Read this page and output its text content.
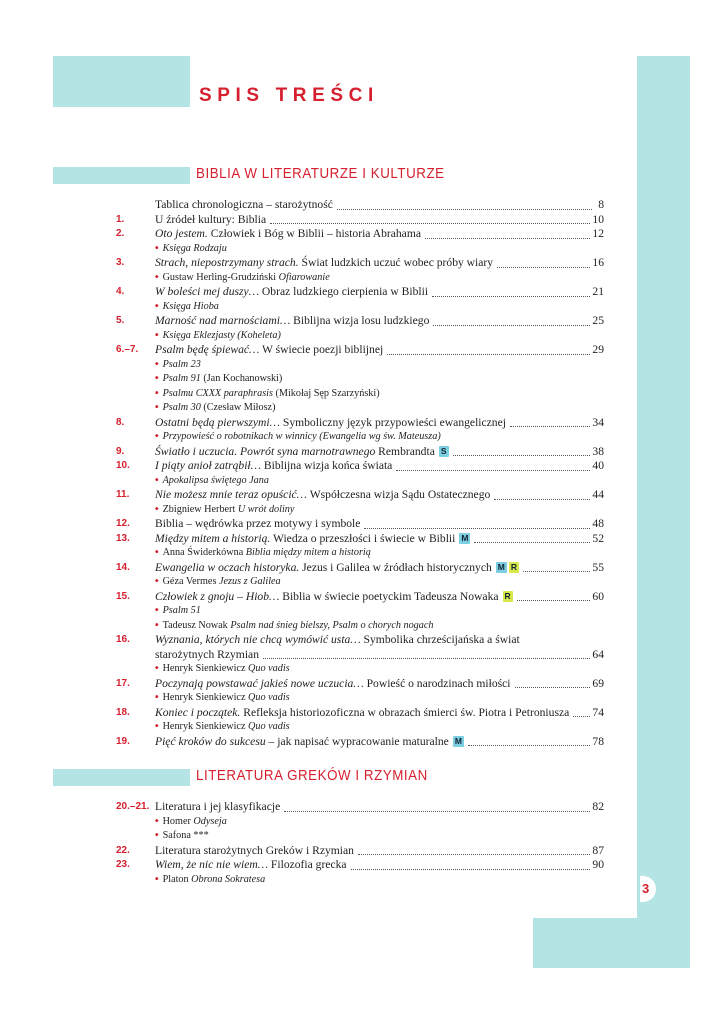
3
SPIS TREŚCI
BIBLIA W LITERATURZE I KULTURZE
Tablica chronologiczna – starożytność	8
1.	U źródeł kultury: Biblia	10
2.	Oto jestem. Człowiek i Bóg w Biblii – historia Abrahama	12
• Księga Rodzaju
3.	Strach, niepostrzymany strach. Świat ludzkich uczuć wobec próby wiary	16
• Gustaw Herling-Grudziński Ofiarowanie
4.	W boleści mej duszy… Obraz ludzkiego cierpienia w Biblii	21
• Księga Hioba
5.	Marność nad marnościami… Biblijna wizja losu ludzkiego	25
• Księga Eklezjasty (Koheleta)
6.–7.	Psalm będę śpiewać… W świecie poezji biblijnej	29
• Psalm 23
• Psalm 91 (Jan Kochanowski)
• Psalmu CXXX paraphrasis (Mikołaj Sęp Szarzyński)
• Psalm 30 (Czesław Miłosz)
8.	Ostatni będą pierwszymi… Symboliczny język przypowieści ewangelicznej	34
• Przypowieść o robotnikach w winnicy (Ewangelia wg św. Mateusza)
9.	Światło i uczucia. Powrót syna marnotrawnego Rembrandta S	38
10.	I piąty anioł zatrąbił… Biblijna wizja końca świata	40
• Apokalipsa świętego Jana
11.	Nie możesz mnie teraz opuścić… Współczesna wizja Sądu Ostatecznego	44
• Zbigniew Herbert U wrót doliny
12.	Biblia – wędrówka przez motywy i symbole	48
13.	Między mitem a historią. Wiedza o przeszłości i świecie w Biblii M	52
• Anna Świderkówna Biblia między mitem a historią
14.	Ewangelia w oczach historyka. Jezus i Galilea w źródłach historycznych M R	55
• Géza Vermes Jezus z Galilea
15.	Człowiek z gnoju – Hiob… Biblia w świecie poetyckim Tadeusza Nowaka R	60
• Psalm 51
• Tadeusz Nowak Psalm nad śnieg bielszy, Psalm o chorych nogach
16.	Wyznania, których nie chcą wymówić usta… Symbolika chrześcijańska a świat
starożytnych Rzymian	64
• Henryk Sienkiewicz Quo vadis
17.	Poczynają powstawać jakieś nowe uczucia… Powieść o narodzinach miłości	69
• Henryk Sienkiewicz Quo vadis
18.	Koniec i początek. Refleksja historiozoficzna w obrazach śmierci św. Piotra i Petroniusza 74
• Henryk Sienkiewicz Quo vadis
19.	Pięć kroków do sukcesu – jak napisać wypracowanie maturalne M	78
LITERATURA GREKÓW I RZYMIAN
20.–21. Literatura i jej klasyfikacje	82
• Homer Odyseja
• Safona ***
22.	Literatura starożytnych Greków i Rzymian	87
23.	Wiem, że nic nie wiem… Filozofia grecka	90
• Platon Obrona Sokratesa
